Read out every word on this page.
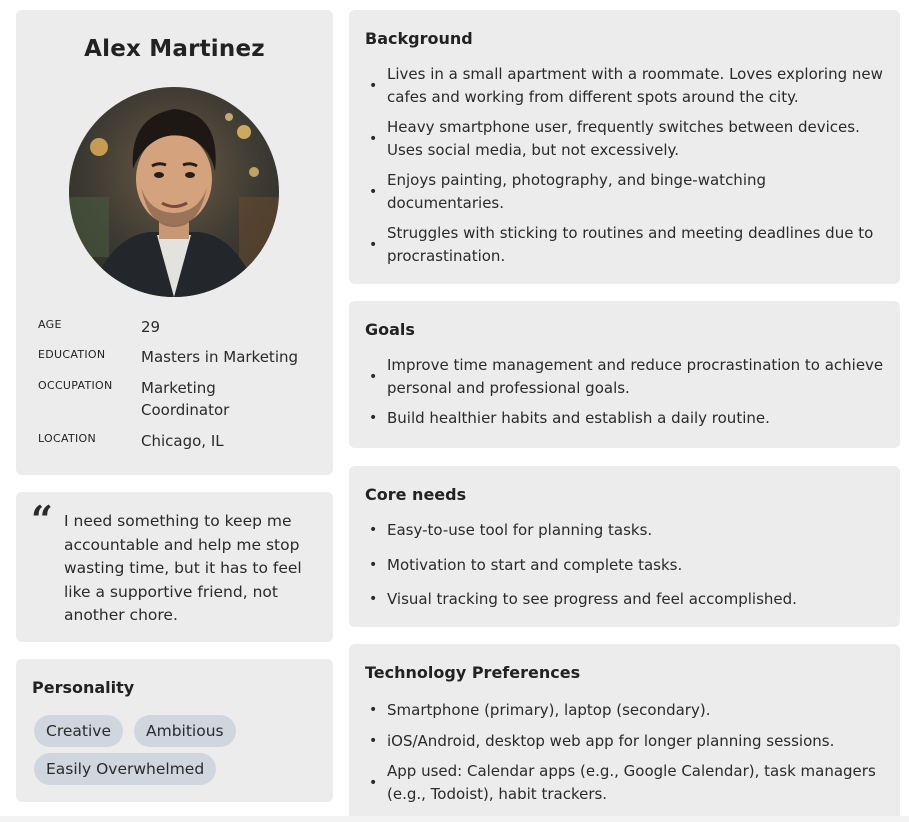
Alex Martinez
AGE	29
EDUCATION Masters in Marketing
OCCUPATION Marketing Coordinator
LOCATION	Chicago, IL
“ I need something to keep me accountable and help me stop wasting time, but it has to feel like a supportive friend, not another chore.
Personality
Creative	Ambitious
Easily Overwhelmed
Background
• Lives in a small apartment with a roommate. Loves exploring new cafes and working from different spots around the city.
• Heavy smartphone user, frequently switches between devices. Uses social media, but not excessively.
• Enjoys painting, photography, and binge-watching documentaries.
• Struggles with sticking to routines and meeting deadlines due to procrastination.
Goals
• Improve time management and reduce procrastination to achieve personal and professional goals.
• Build healthier habits and establish a daily routine.
Core needs
• Easy-to-use tool for planning tasks.
• Motivation to start and complete tasks.
• Visual tracking to see progress and feel accomplished.
Technology Preferences
• Smartphone (primary), laptop (secondary).
• iOS/Android, desktop web app for longer planning sessions.
• App used: Calendar apps (e.g., Google Calendar), task managers (e.g., Todoist), habit trackers.
